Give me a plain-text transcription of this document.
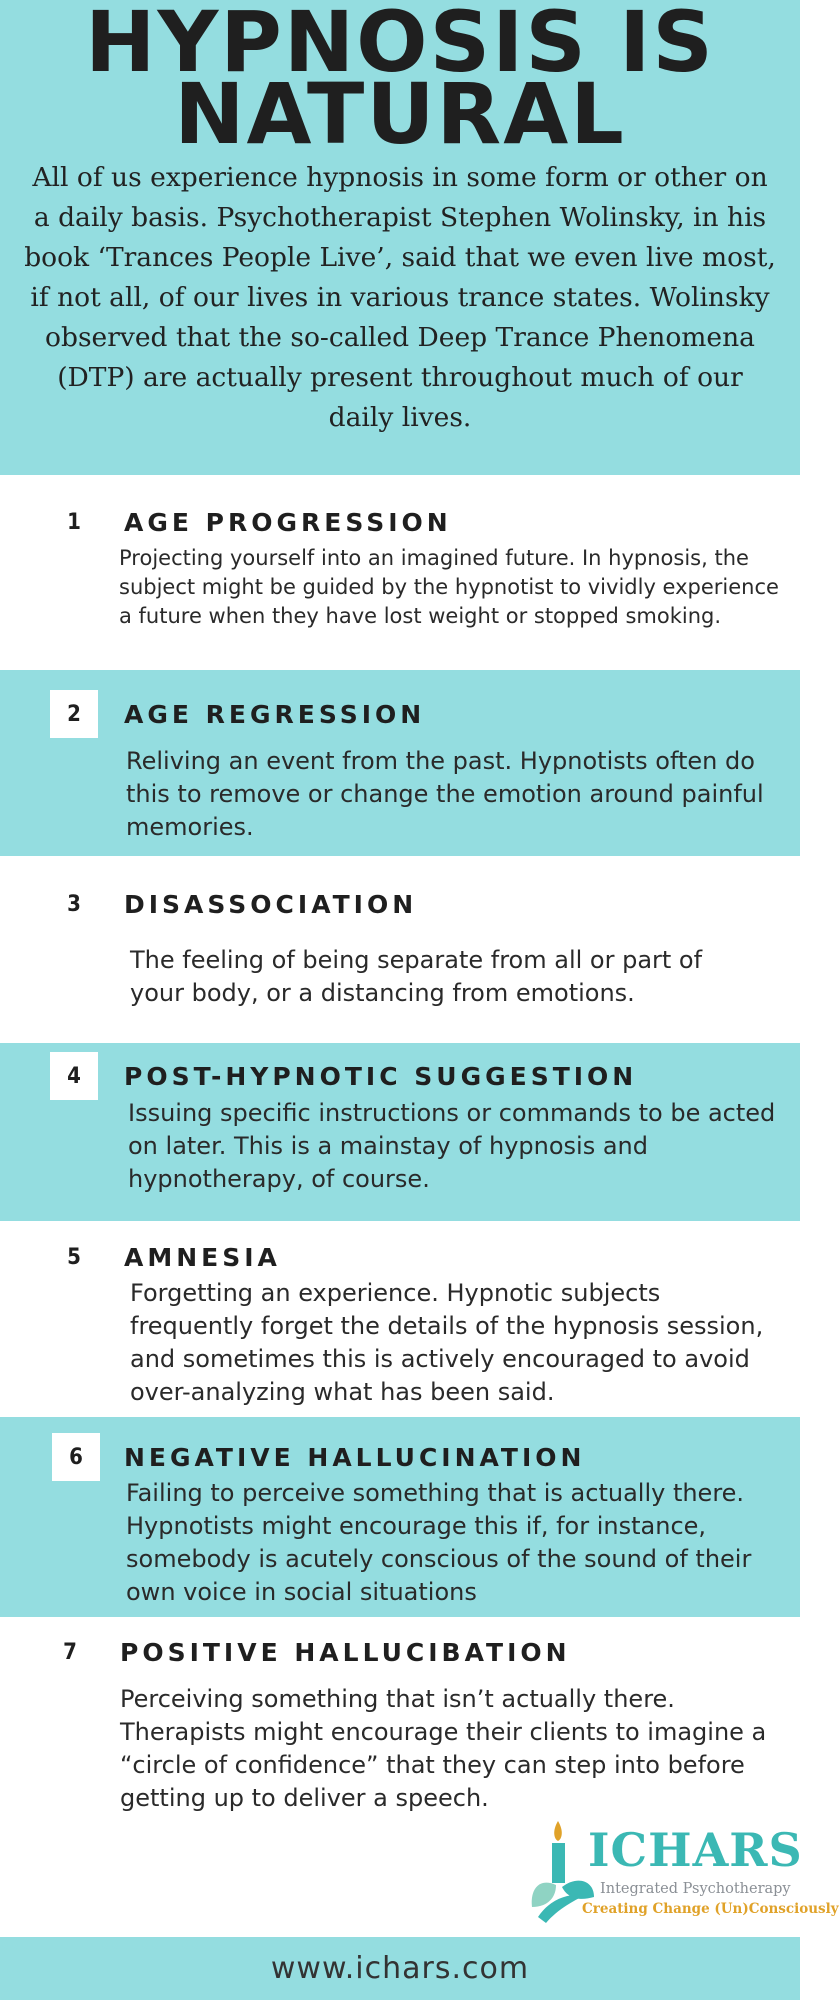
HYPNOSIS IS
NATURAL
All of us experience hypnosis in some form or other on a daily basis. Psychotherapist Stephen Wolinsky, in his book ‘Trances People Live’, said that we even live most, if not all, of our lives in various trance states. Wolinsky observed that the so-called Deep Trance Phenomena (DTP) are actually present throughout much of our daily lives.
1	AGE PROGRESSION
Projecting yourself into an imagined future. In hypnosis, the subject might be guided by the hypnotist to vividly experience a future when they have lost weight or stopped smoking.
2	AGE REGRESSION
Reliving an event from the past. Hypnotists often do this to remove or change the emotion around painful memories.
3	DISASSOCIATION
The feeling of being separate from all or part of your body, or a distancing from emotions.
4	POST-HYPNOTIC SUGGESTION
Issuing specific instructions or commands to be acted on later. This is a mainstay of hypnosis and hypnotherapy, of course.
5	AMNESIA
Forgetting an experience. Hypnotic subjects frequently forget the details of the hypnosis session, and sometimes this is actively encouraged to avoid over-analyzing what has been said.
6	NEGATIVE HALLUCINATION
Failing to perceive something that is actually there. Hypnotists might encourage this if, for instance, somebody is acutely conscious of the sound of their own voice in social situations
7	POSITIVE HALLUCIBATION
Perceiving something that isn’t actually there. Therapists might encourage their clients to imagine a “circle of confidence” that they can step into before getting up to deliver a speech.
ICHARS
Integrated Psychotherapy
Creating Change (Un)Consciously
www.ichars.com
